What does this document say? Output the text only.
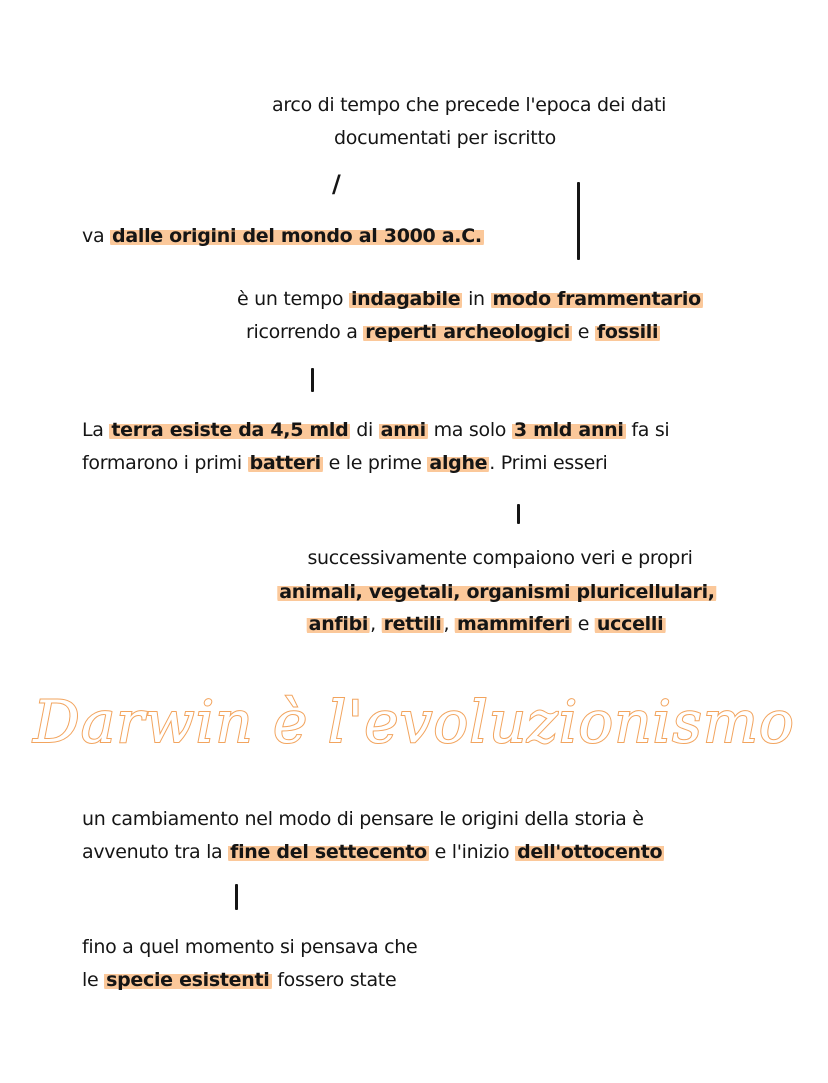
arco di tempo che precede l'epoca dei dati
documentati per iscritto
/
va dalle origini del mondo al 3000 a.C.
è un tempo indagabile in modo frammentario
ricorrendo a reperti archeologici e fossili
La terra esiste da 4,5 mld di anni ma solo 3 mld anni fa si
formarono i primi batteri e le prime alghe . Primi esseri
successivamente compaiono veri e propri
animali, vegetali, organismi pluricellulari,
anfibi , rettili , mammiferi e uccelli
Darwin è l'evoluzionismo
un cambiamento nel modo di pensare le origini della storia è
avvenuto tra la fine del settecento e l'inizio dell'ottocento
fino a quel momento si pensava che
le specie esistenti fossero state
